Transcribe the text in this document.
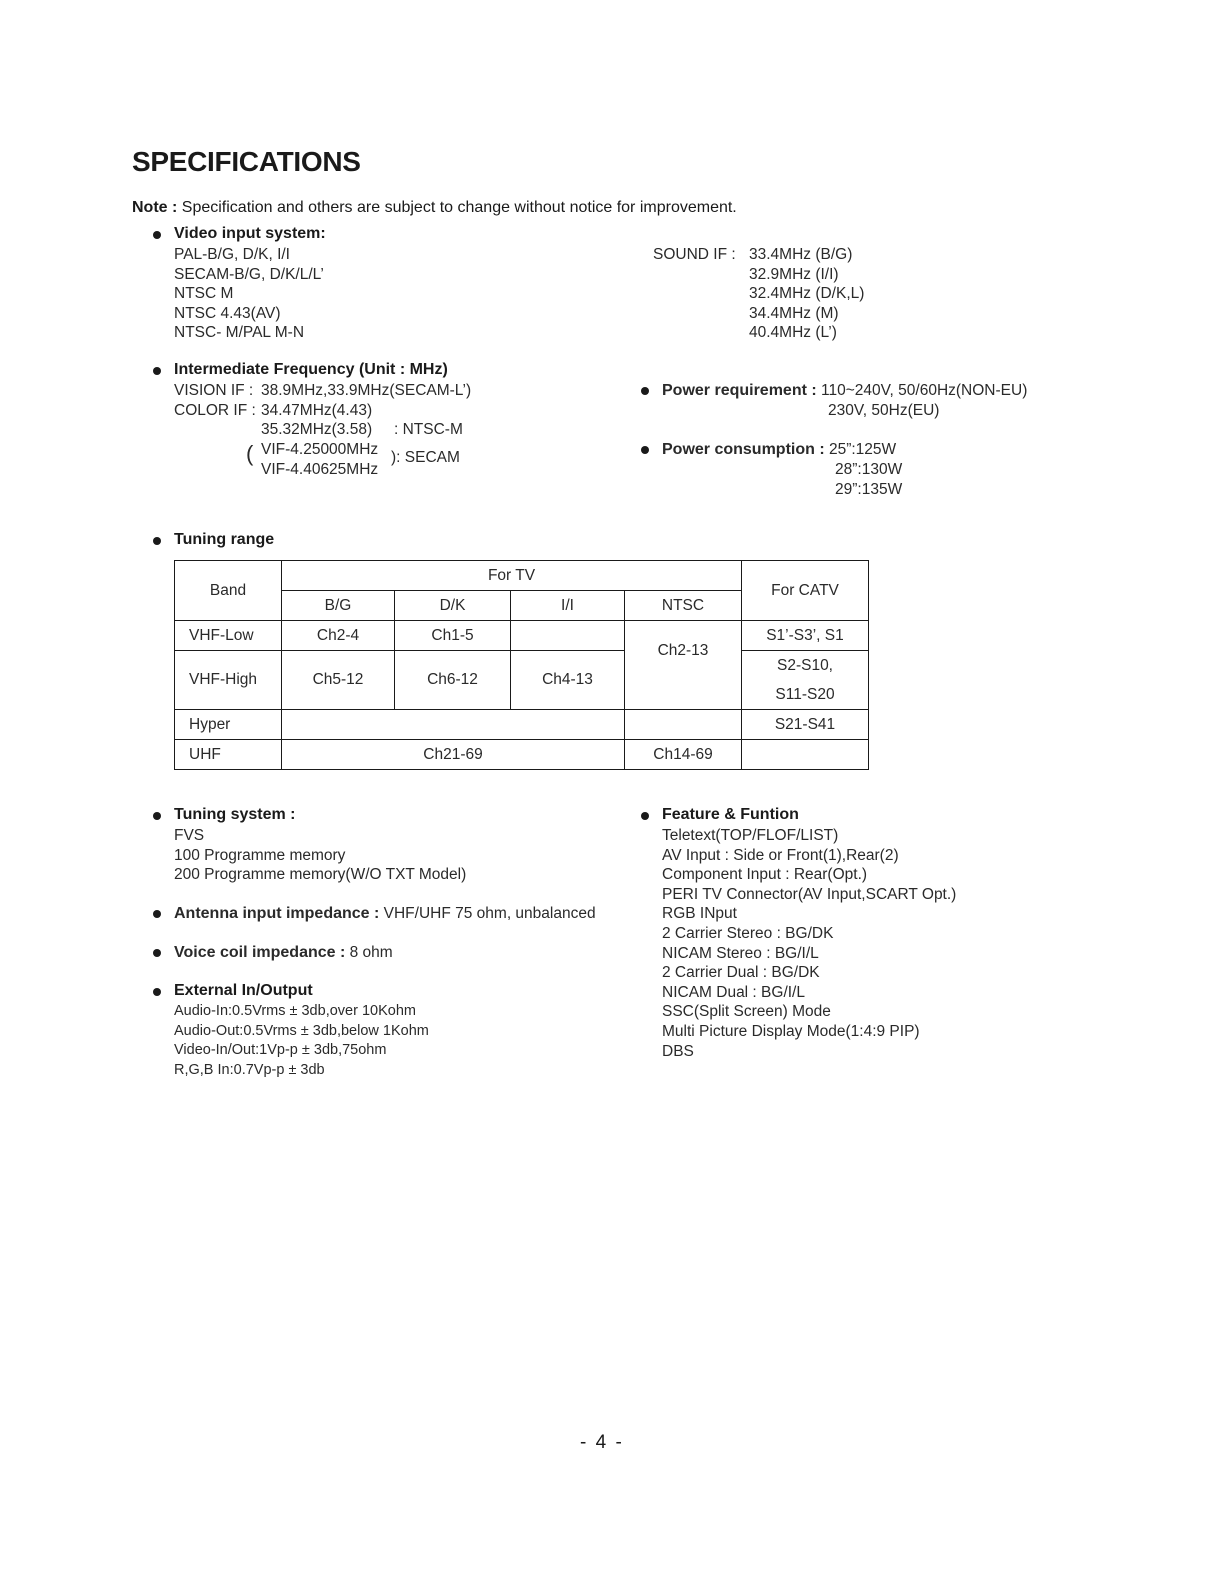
SPECIFICATIONS
Note : Specification and others are subject to change without notice for improvement.
Video input system:
PAL-B/G, D/K, I/I
SECAM-B/G, D/K/L/L’
NTSC M
NTSC 4.43(AV)
NTSC- M/PAL M-N
SOUND IF : 33.4MHz (B/G)
32.9MHz (I/I)
32.4MHz (D/K,L)
34.4MHz (M)
40.4MHz (L’)
Intermediate Frequency (Unit : MHz)
VISION IF : 38.9MHz,33.9MHz(SECAM-L’)
COLOR IF : 34.47MHz(4.43)
35.32MHz(3.58) : NTSC-M
( VIF-4.25000MHz
VIF-4.40625MHz
): SECAM
Power requirement : 110~240V, 50/60Hz(NON-EU)
230V, 50Hz(EU)
Power consumption : 25”:125W
28”:130W
29”:135W
Tuning range
Band	For TV				For CATV
	B/G	D/K	I/I	NTSC	
VHF-Low	Ch2-4	Ch1-5		Ch2-13	S1’-S3’, S1
VHF-High	Ch5-12	Ch6-12	Ch4-13		S2-S10,
					S11-S20
Hyper					S21-S41
UHF	Ch21-69			Ch14-69	
Tuning system :
FVS
100 Programme memory
200 Programme memory(W/O TXT Model)
Antenna input impedance : VHF/UHF 75 ohm, unbalanced
Voice coil impedance : 8 ohm
External In/Output
Audio-In:0.5Vrms ± 3db,over 10Kohm
Audio-Out:0.5Vrms ± 3db,below 1Kohm
Video-In/Out:1Vp-p ± 3db,75ohm
R,G,B In:0.7Vp-p ± 3db
Feature & Funtion
Teletext(TOP/FLOF/LIST)
AV Input : Side or Front(1),Rear(2)
Component Input : Rear(Opt.)
PERI TV Connector(AV Input,SCART Opt.)
RGB INput
2 Carrier Stereo : BG/DK
NICAM Stereo : BG/I/L
2 Carrier Dual : BG/DK
NICAM Dual : BG/I/L
SSC(Split Screen) Mode
Multi Picture Display Mode(1:4:9 PIP)
DBS
- 4 -
